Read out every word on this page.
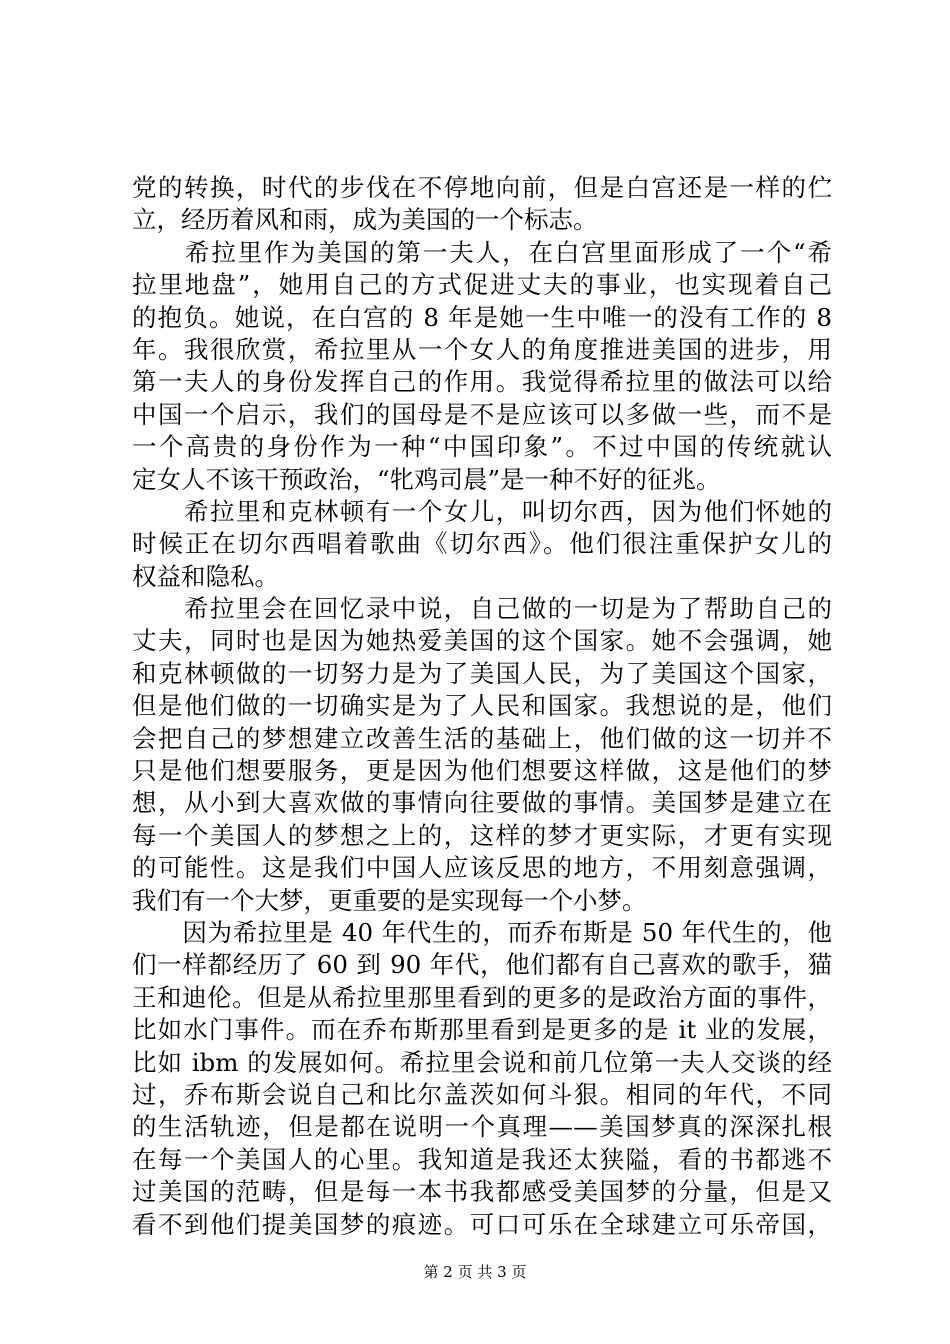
党的转换，时代的步伐在不停地向前，但是白宫还是一样的伫
立，经历着风和雨，成为美国的一个标志。
　　希拉里作为美国的第一夫人，在白宫里面形成了一个“希
拉里地盘”，她用自己的方式促进丈夫的事业，也实现着自己
的抱负。她说，在白宫的 8 年是她一生中唯一的没有工作的 8
年。我很欣赏，希拉里从一个女人的角度推进美国的进步，用
第一夫人的身份发挥自己的作用。我觉得希拉里的做法可以给
中国一个启示，我们的国母是不是应该可以多做一些，而不是
一个高贵的身份作为一种“中国印象”。不过中国的传统就认
定女人不该干预政治，“牝鸡司晨”是一种不好的征兆。
　　希拉里和克林顿有一个女儿，叫切尔西，因为他们怀她的
时候正在切尔西唱着歌曲《切尔西》。他们很注重保护女儿的
权益和隐私。
　　希拉里会在回忆录中说，自己做的一切是为了帮助自己的
丈夫，同时也是因为她热爱美国的这个国家。她不会强调，她
和克林顿做的一切努力是为了美国人民，为了美国这个国家，
但是他们做的一切确实是为了人民和国家。我想说的是，他们
会把自己的梦想建立改善生活的基础上，他们做的这一切并不
只是他们想要服务，更是因为他们想要这样做，这是他们的梦
想，从小到大喜欢做的事情向往要做的事情。美国梦是建立在
每一个美国人的梦想之上的，这样的梦才更实际，才更有实现
的可能性。这是我们中国人应该反思的地方，不用刻意强调，
我们有一个大梦，更重要的是实现每一个小梦。
　　因为希拉里是 40 年代生的，而乔布斯是 50 年代生的，他
们一样都经历了 60 到 90 年代，他们都有自己喜欢的歌手，猫
王和迪伦。但是从希拉里那里看到的更多的是政治方面的事件，
比如水门事件。而在乔布斯那里看到是更多的是 it 业的发展，
比如 ibm 的发展如何。希拉里会说和前几位第一夫人交谈的经
过，乔布斯会说自己和比尔盖茨如何斗狠。相同的年代，不同
的生活轨迹，但是都在说明一个真理——美国梦真的深深扎根
在每一个美国人的心里。我知道是我还太狭隘，看的书都逃不
过美国的范畴，但是每一本书我都感受美国梦的分量，但是又
看不到他们提美国梦的痕迹。可口可乐在全球建立可乐帝国，
第 2 页 共 3 页
